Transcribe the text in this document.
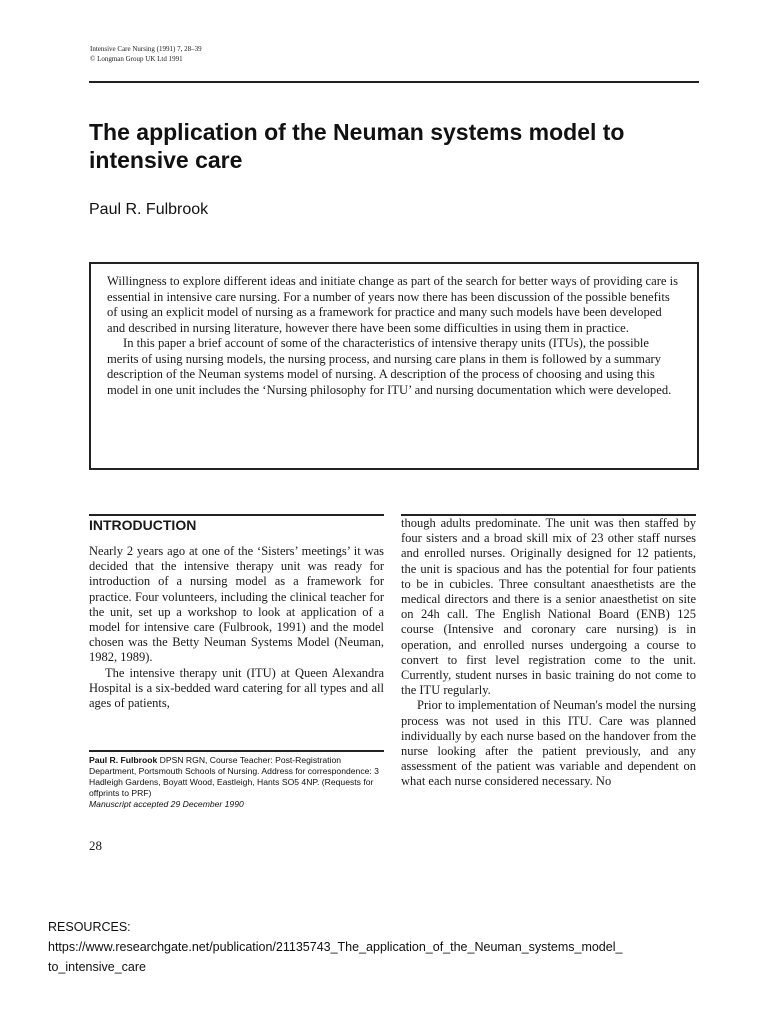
Intensive Care Nursing (1991) 7, 28–39
© Longman Group UK Ltd 1991
The application of the Neuman systems model to intensive care
Paul R. Fulbrook

Willingness to explore different ideas and initiate change as part of the search for better ways of providing care is essential in intensive care nursing. For a number of years now there has been discussion of the possible benefits of using an explicit model of nursing as a framework for practice and many such models have been developed and described in nursing literature, however there have been some difficulties in using them in practice.

In this paper a brief account of some of the characteristics of intensive therapy units (ITUs), the possible merits of using nursing models, the nursing process, and nursing care plans in them is followed by a summary description of the Neuman systems model of nursing. A description of the process of choosing and using this model in one unit includes the ‘Nursing philosophy for ITU’ and nursing documentation which were developed.

INTRODUCTION

Nearly 2 years ago at one of the ‘Sisters’ meetings’ it was decided that the intensive therapy unit was ready for introduction of a nursing model as a framework for practice. Four volunteers, including the clinical teacher for the unit, set up a workshop to look at application of a model for intensive care (Fulbrook, 1991) and the model chosen was the Betty Neuman Systems Model (Neuman, 1982, 1989).

The intensive therapy unit (ITU) at Queen Alexandra Hospital is a six-bedded ward catering for all types and all ages of patients,

though adults predominate. The unit was then staffed by four sisters and a broad skill mix of 23 other staff nurses and enrolled nurses. Originally designed for 12 patients, the unit is spacious and has the potential for four patients to be in cubicles. Three consultant anaesthetists are the medical directors and there is a senior anaesthetist on site on 24h call. The English National Board (ENB) 125 course (Intensive and coronary care nursing) is in operation, and enrolled nurses undergoing a course to convert to first level registration come to the unit. Currently, student nurses in basic training do not come to the ITU regularly.

Prior to implementation of Neuman's model the nursing process was not used in this ITU. Care was planned individually by each nurse based on the handover from the nurse looking after the patient previously, and any assessment of the patient was variable and dependent on what each nurse considered necessary. No

Paul R. Fulbrook DPSN RGN, Course Teacher: Post-Registration Department, Portsmouth Schools of Nursing. Address for correspondence: 3 Hadleigh Gardens, Boyatt Wood, Eastleigh, Hants SO5 4NP. (Requests for offprints to PRF)
Manuscript accepted 29 December 1990
28
RESOURCES:
https://www.researchgate.net/publication/21135743_The_application_of_the_Neuman_systems_model_
to_intensive_care
